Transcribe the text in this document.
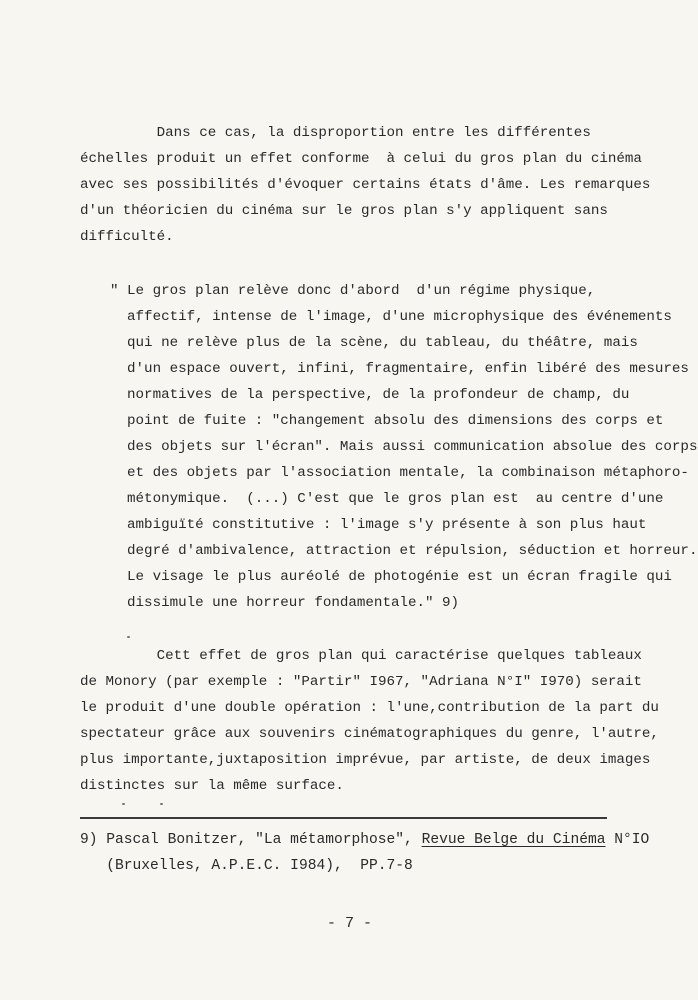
Dans ce cas, la disproportion entre les différentes
échelles produit un effet conforme  à celui du gros plan du cinéma
avec ses possibilités d'évoquer certains états d'âme. Les remarques
d'un théoricien du cinéma sur le gros plan s'y appliquent sans
difficulté.
" Le gros plan relève donc d'abord  d'un régime physique,
affectif, intense de l'image, d'une microphysique des événements
qui ne relève plus de la scène, du tableau, du théâtre, mais
d'un espace ouvert, infini, fragmentaire, enfin libéré des mesures
normatives de la perspective, de la profondeur de champ, du
point de fuite : "changement absolu des dimensions des corps et
des objets sur l'écran". Mais aussi communication absolue des corps
et des objets par l'association mentale, la combinaison métaphoro-
métonymique.  (...) C'est que le gros plan est  au centre d'une
ambiguïté constitutive : l'image s'y présente à son plus haut
degré d'ambivalence, attraction et répulsion, séduction et horreur.
Le visage le plus auréolé de photogénie est un écran fragile qui
dissimule une horreur fondamentale." 9)
Cett effet de gros plan qui caractérise quelques tableaux
de Monory (par exemple : "Partir" I967, "Adriana N°I" I970) serait
le produit d'une double opération : l'une,contribution de la part du
spectateur grâce aux souvenirs cinématographiques du genre, l'autre,
plus importante,juxtaposition imprévue, par artiste, de deux images
distinctes sur la même surface.
9) Pascal Bonitzer, "La métamorphose", Revue Belge du Cinéma N°IO
(Bruxelles, A.P.E.C. I984),  PP.7-8
- 7 -
